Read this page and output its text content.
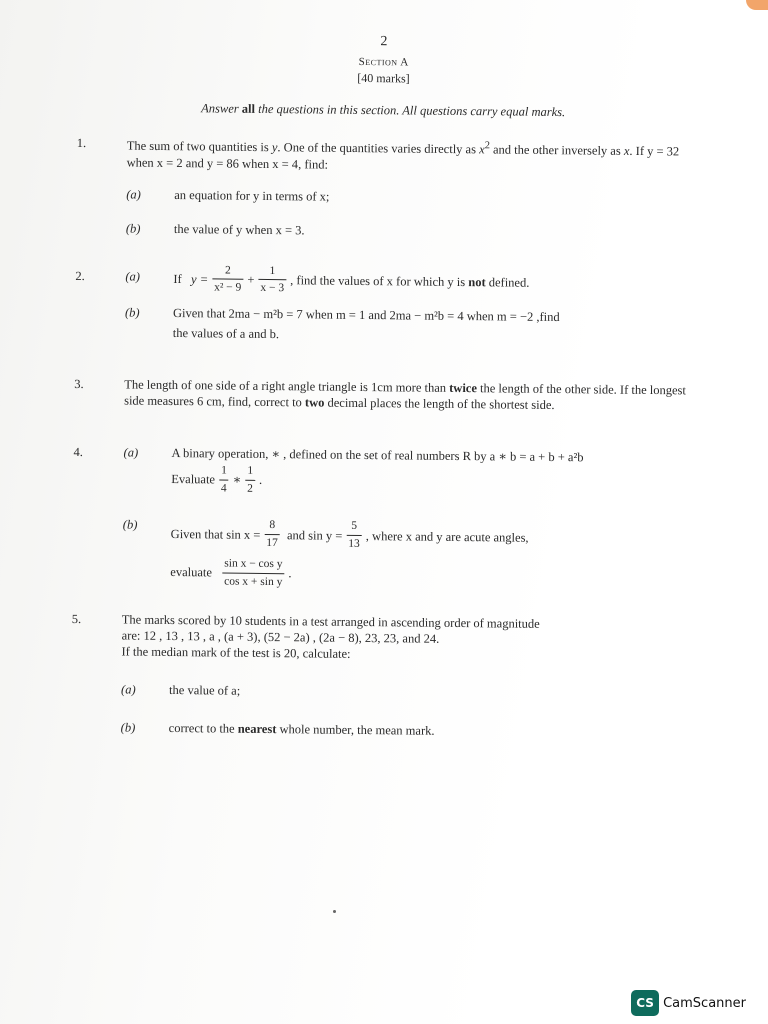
2
Section A
[40 marks]
Answer all the questions in this section. All questions carry equal marks.
1.	The sum of two quantities is y. One of the quantities varies directly as $x^2$ and the other inversely as x. If y = 32 when x = 2 and y = 86 when x = 4, find:
(a)	an equation for y in terms of x;
(b)	the value of y when x = 3.
2.	(a)	If
$y = \frac{2}{\text{x² − 9}} + \frac{1}{x - 3}$ , find the values of x for which y is
not
defined.
(b)	Given that 2ma − m²b = 7 when m = 1 and 2ma − m²b = 4 when m = −2 ,find
the values of a and b.
3.	The length of one side of a right angle triangle is 1cm more than twice the length of the other side. If the longest side measures 6 cm, find, correct to two decimal places the length of the shortest side.
4.	(a)	A binary operation, ∗ , defined on the set of real numbers R by a ∗ b = a + b + a²b
Evaluate $\frac{1}{4}$ ∗ $\frac{1}{2}$ .
(b)
Given that $\sin x = \frac{8}{17}$
and $\sin y = \frac{5}{13}$ , where x and y are acute angles,
evaluate
$\frac{\text{sin x − cos y}}{\text{cos x + sin y}}$ .
5.	The marks scored by 10 students in a test arranged in ascending order of magnitude
are: 12 , 13 , 13 , a , (a + 3), (52 − 2a) , (2a − 8), 23, 23, and 24.
If the median mark of the test is 20, calculate:
(a)	the value of a;
(b)	correct to the nearest whole number, the mean mark.
CS CamScanner
